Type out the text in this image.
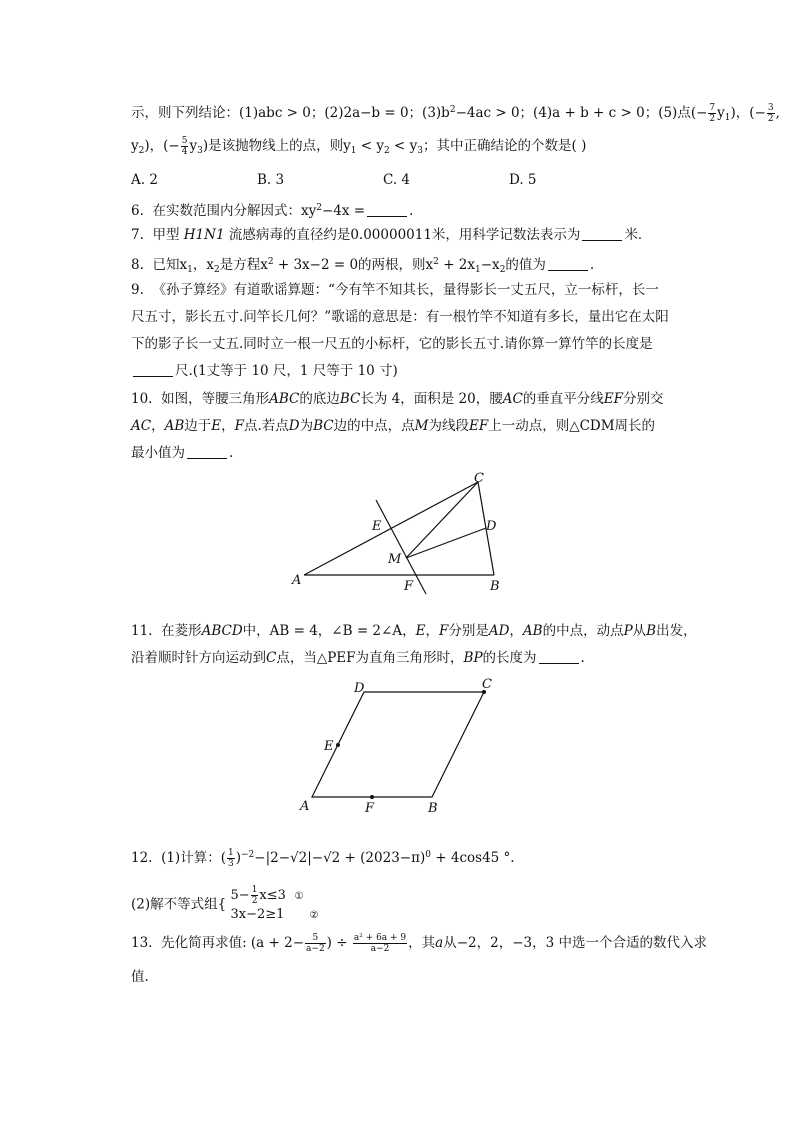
示，则下列结论：(1)abc > 0；(2)2a−b = 0；$(3)b^2-4ac > 0$；(4)a + b + c > 0；(5)点(− $\frac{7}{2} y_1$)，(− $\frac{3}{2}$ ,
$y_2$)，(− $\frac{5}{4} y_3$)是该抛物线上的点，则$y_1 < y_2 < y_3$；其中正确结论的个数是( )
A. 2	B. 3	C. 4	D. 5
6. 在实数范围内分解因式：$xy^2-4x$ =	.
7. 甲型 H1N1 流感病毒的直径约是0.00000011米，用科学记数法表示为	米．
8. 已知$x_1$，$x_2$是方程$x^2 + 3x-2 = 0$的两根，则$x^2 + 2x_1-x_2$的值为	.
9. 《孙子算经》有道歌谣算题：“今有竿不知其长，量得影长一丈五尺，立一标杆，长一
尺五寸，影长五寸.问竿长几何？”歌谣的意思是：有一根竹竿不知道有多长，量出它在太阳
下的影子长一丈五.同时立一根一尺五的小标杆，它的影长五寸.请你算一算竹竿的长度是
尺.(1丈等于 10 尺，1 尺等于 10 寸)
10. 如图，等腰三角形ABC的底边BC长为 4，面积是 20，腰AC的垂直平分线EF分别交
AC，AB边于E，F点.若点D为BC边的中点，点M为线段EF上一动点，则△CDM周长的
最小值为	.
A	B
C
D
E
F
M
11. 在菱形ABCD中，AB = 4，∠B = 2∠A，E，F分别是AD，AB的中点，动点P从B出发，
沿着顺时针方向运动到C点，当△PEF为直角三角形时，BP的长度为	.
A	B
C
D
E
F
12. (1)计算：( $\frac{1}{3} )^{-2}-|2-√2|-√2 + (2023-\pi)^0 + 4\cos 45$ °.
(2)解不等式组{
$5- \frac{1}{2} x\le 3$ ①
3x−2≥1	②
13. 先化简再求值: ($a + 2- \frac{5}{a-2}$ ) ÷ $\frac{\text{a² + 6a + 9}}{a-2}$ ，其a从−2，2，−3，3 中选一个合适的数代入求
值.
